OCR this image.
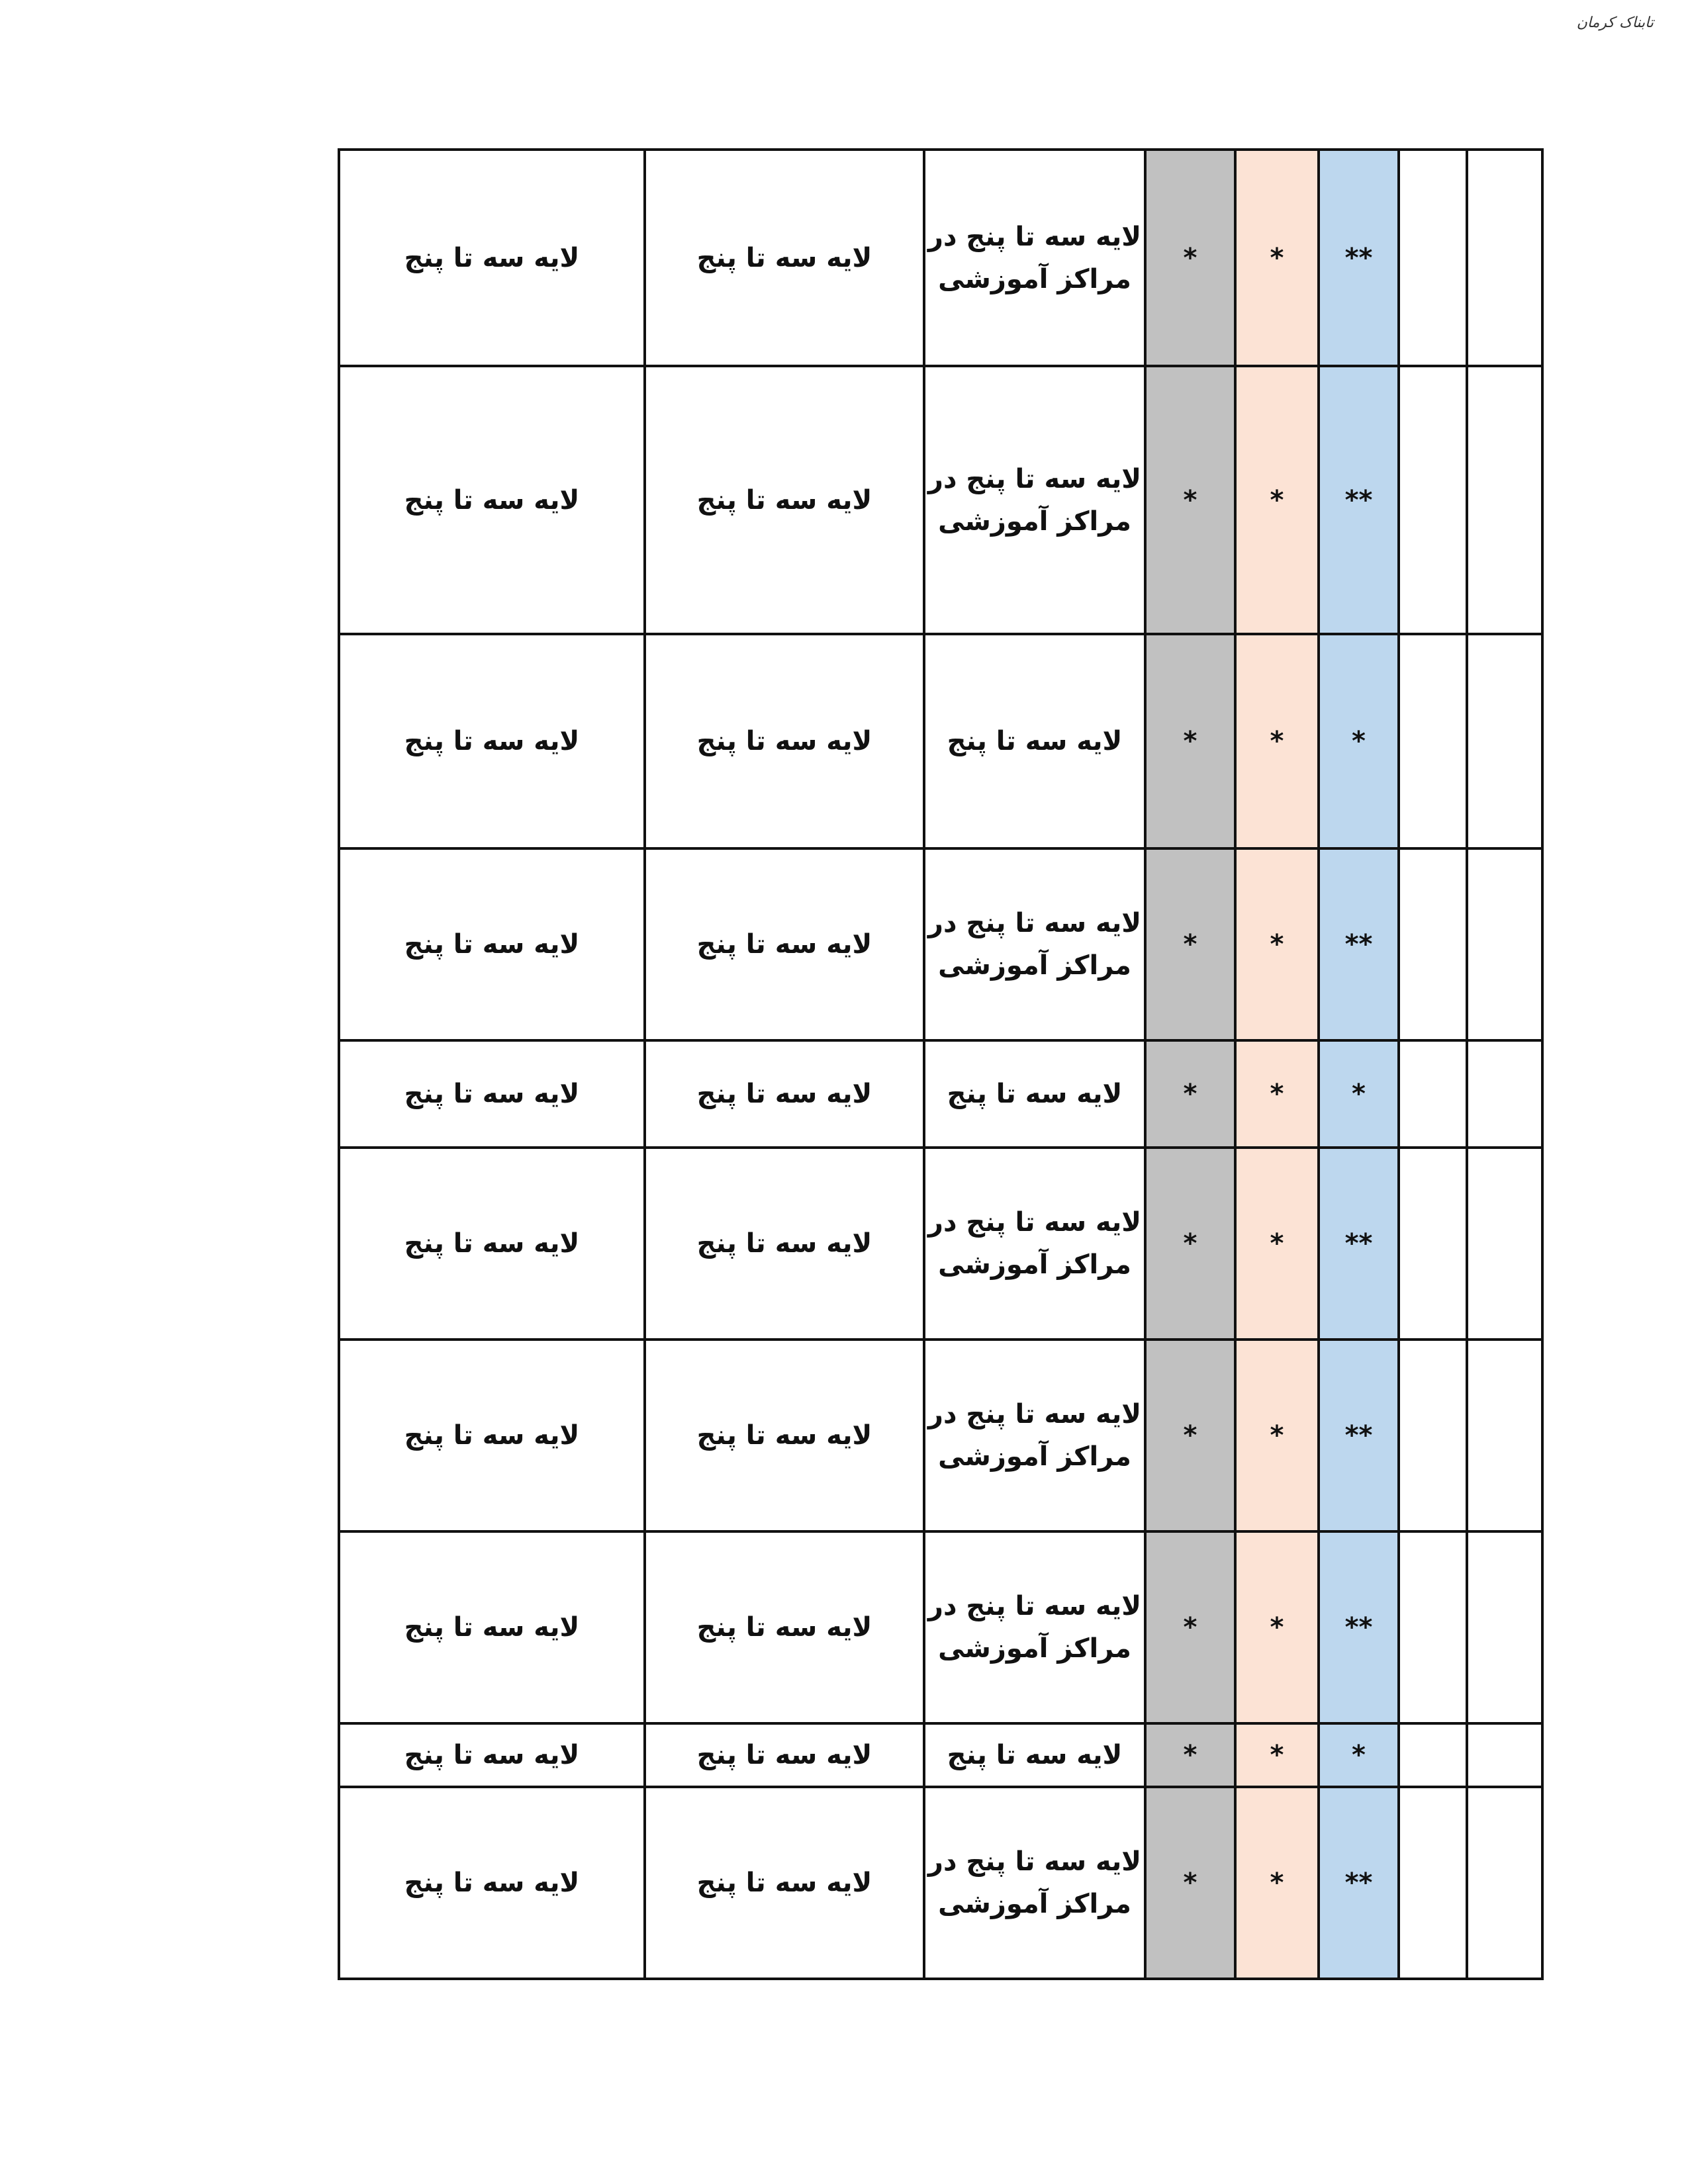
تابناک کرمان
لایه سه تا پنج	لایه سه تا پنج	لایه سه تا پنج در مراکز آموزشی	*	*	**		
لایه سه تا پنج	لایه سه تا پنج	لایه سه تا پنج در مراکز آموزشی	*	*	**		
لایه سه تا پنج	لایه سه تا پنج	لایه سه تا پنج	*	*	*		
لایه سه تا پنج	لایه سه تا پنج	لایه سه تا پنج در مراکز آموزشی	*	*	**		
لایه سه تا پنج	لایه سه تا پنج	لایه سه تا پنج	*	*	*		
لایه سه تا پنج	لایه سه تا پنج	لایه سه تا پنج در مراکز آموزشی	*	*	**		
لایه سه تا پنج	لایه سه تا پنج	لایه سه تا پنج در مراکز آموزشی	*	*	**		
لایه سه تا پنج	لایه سه تا پنج	لایه سه تا پنج در مراکز آموزشی	*	*	**		
لایه سه تا پنج	لایه سه تا پنج	لایه سه تا پنج	*	*	*		
لایه سه تا پنج	لایه سه تا پنج	لایه سه تا پنج در مراکز آموزشی	*	*	**		
